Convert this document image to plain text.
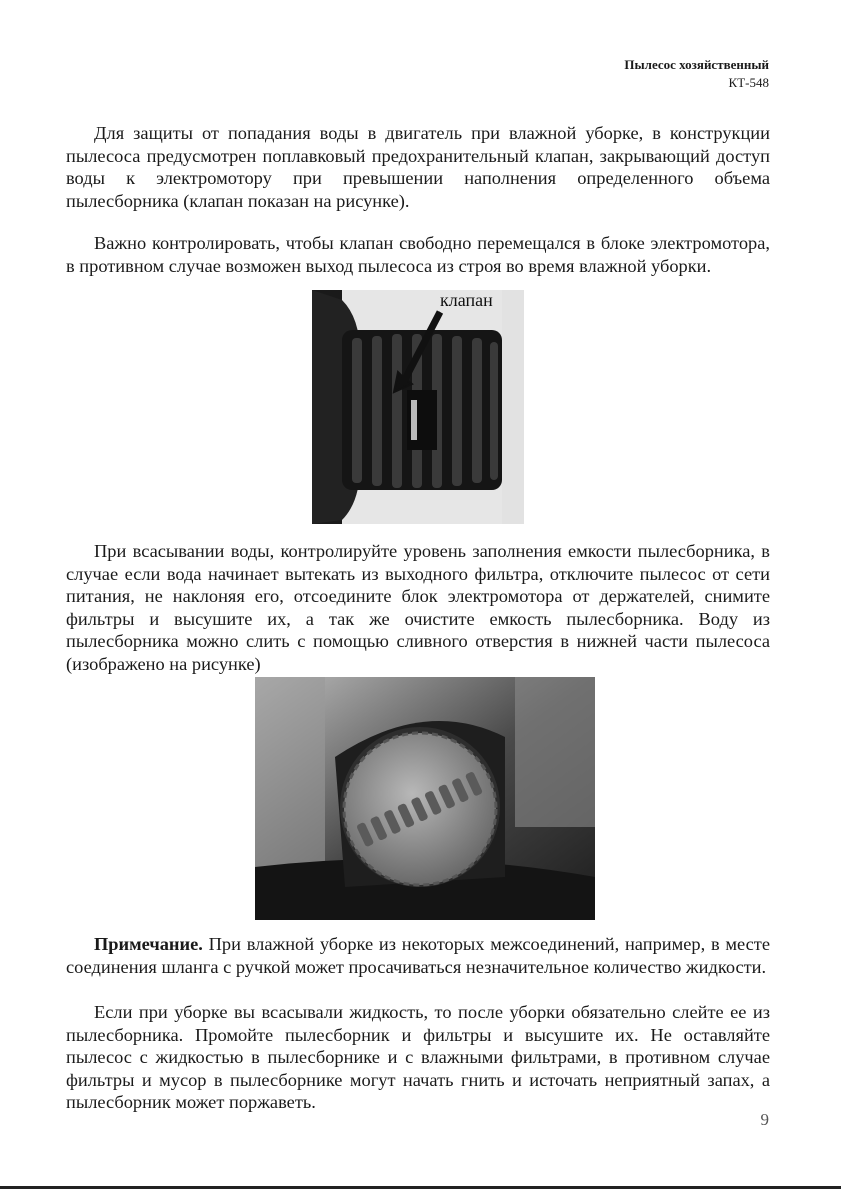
Пылесос хозяйственный
КТ-548

Для защиты от попадания воды в двигатель при влажной уборке, в конструкции пылесоса предусмотрен поплавковый предохранительный клапан, закрывающий доступ воды к электромотору при превышении наполнения определенного объема пылесборника (клапан показан на рисунке).

Важно контролировать, чтобы клапан свободно перемещался в блоке электромотора, в противном случае возможен выход пылесоса из строя во время влажной уборки.

клапан

При всасывании воды, контролируйте уровень заполнения емкости пылесборника, в случае если вода начинает вытекать из выходного фильтра, отключите пылесос от сети питания, не наклоняя его, отсоедините блок электромотора от держателей, снимите фильтры и высушите их, а так же очистите емкость пылесборника. Воду из пылесборника можно слить с помощью сливного отверстия в нижней части пылесоса (изображено на рисунке)

Примечание. При влажной уборке из некоторых межсоединений, например, в месте соединения шланга с ручкой может просачиваться незначительное количество жидкости.

Если при уборке вы всасывали жидкость, то после уборки обязательно слейте ее из пылесборника. Промойте пылесборник и фильтры и высушите их. Не оставляйте пылесос с жидкостью в пылесборнике и с влажными фильтрами, в противном случае фильтры и мусор в пылесборнике могут начать гнить и источать неприятный запах, а пылесборник может поржаветь.

9
